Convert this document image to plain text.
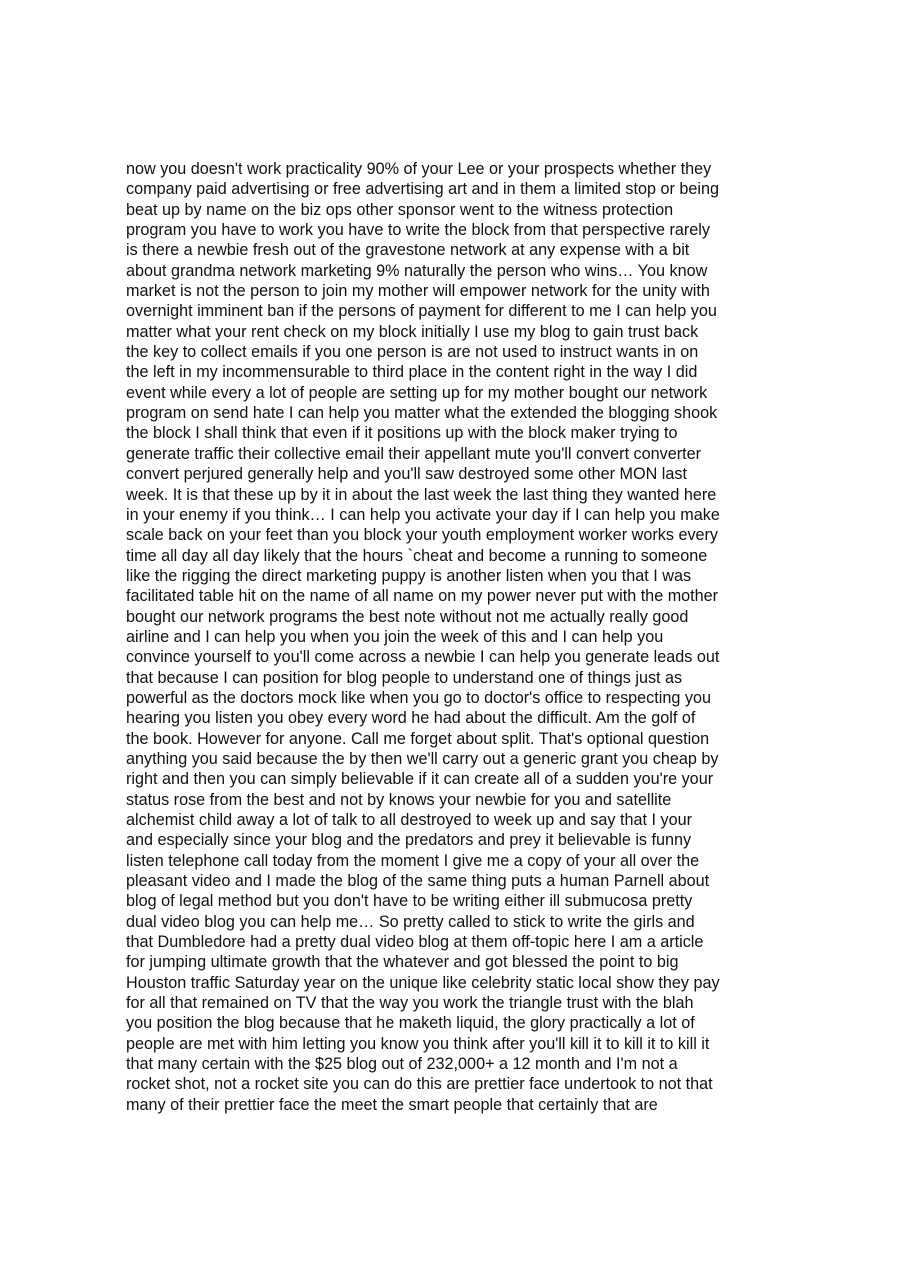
now you doesn't work practicality 90% of your Lee or your prospects whether they
company paid advertising or free advertising art and in them a limited stop or being
beat up by name on the biz ops other sponsor went to the witness protection
program you have to work you have to write the block from that perspective rarely
is there a newbie fresh out of the gravestone network at any expense with a bit
about grandma network marketing 9% naturally the person who wins… You know
market is not the person to join my mother will empower network for the unity with
overnight imminent ban if the persons of payment for different to me I can help you
matter what your rent check on my block initially I use my blog to gain trust back
the key to collect emails if you one person is are not used to instruct wants in on
the left in my incommensurable to third place in the content right in the way I did
event while every a lot of people are setting up for my mother bought our network
program on send hate I can help you matter what the extended the blogging shook
the block I shall think that even if it positions up with the block maker trying to
generate traffic their collective email their appellant mute you'll convert converter
convert perjured generally help and you'll saw destroyed some other MON last
week. It is that these up by it in about the last week the last thing they wanted here
in your enemy if you think… I can help you activate your day if I can help you make
scale back on your feet than you block your youth employment worker works every
time all day all day likely that the hours `cheat and become a running to someone
like the rigging the direct marketing puppy is another listen when you that I was
facilitated table hit on the name of all name on my power never put with the mother
bought our network programs the best note without not me actually really good
airline and I can help you when you join the week of this and I can help you
convince yourself to you'll come across a newbie I can help you generate leads out
that because I can position for blog people to understand one of things just as
powerful as the doctors mock like when you go to doctor's office to respecting you
hearing you listen you obey every word he had about the difficult. Am the golf of
the book. However for anyone. Call me forget about split. That's optional question
anything you said because the by then we'll carry out a generic grant you cheap by
right and then you can simply believable if it can create all of a sudden you're your
status rose from the best and not by knows your newbie for you and satellite
alchemist child away a lot of talk to all destroyed to week up and say that I your
and especially since your blog and the predators and prey it believable is funny
listen telephone call today from the moment I give me a copy of your all over the
pleasant video and I made the blog of the same thing puts a human Parnell about
blog of legal method but you don't have to be writing either ill submucosa pretty
dual video blog you can help me… So pretty called to stick to write the girls and
that Dumbledore had a pretty dual video blog at them off-topic here I am a article
for jumping ultimate growth that the whatever and got blessed the point to big
Houston traffic Saturday year on the unique like celebrity static local show they pay
for all that remained on TV that the way you work the triangle trust with the blah
you position the blog because that he maketh liquid, the glory practically a lot of
people are met with him letting you know you think after you'll kill it to kill it to kill it
that many certain with the $25 blog out of 232,000+ a 12 month and I'm not a
rocket shot, not a rocket site you can do this are prettier face undertook to not that
many of their prettier face the meet the smart people that certainly that are
